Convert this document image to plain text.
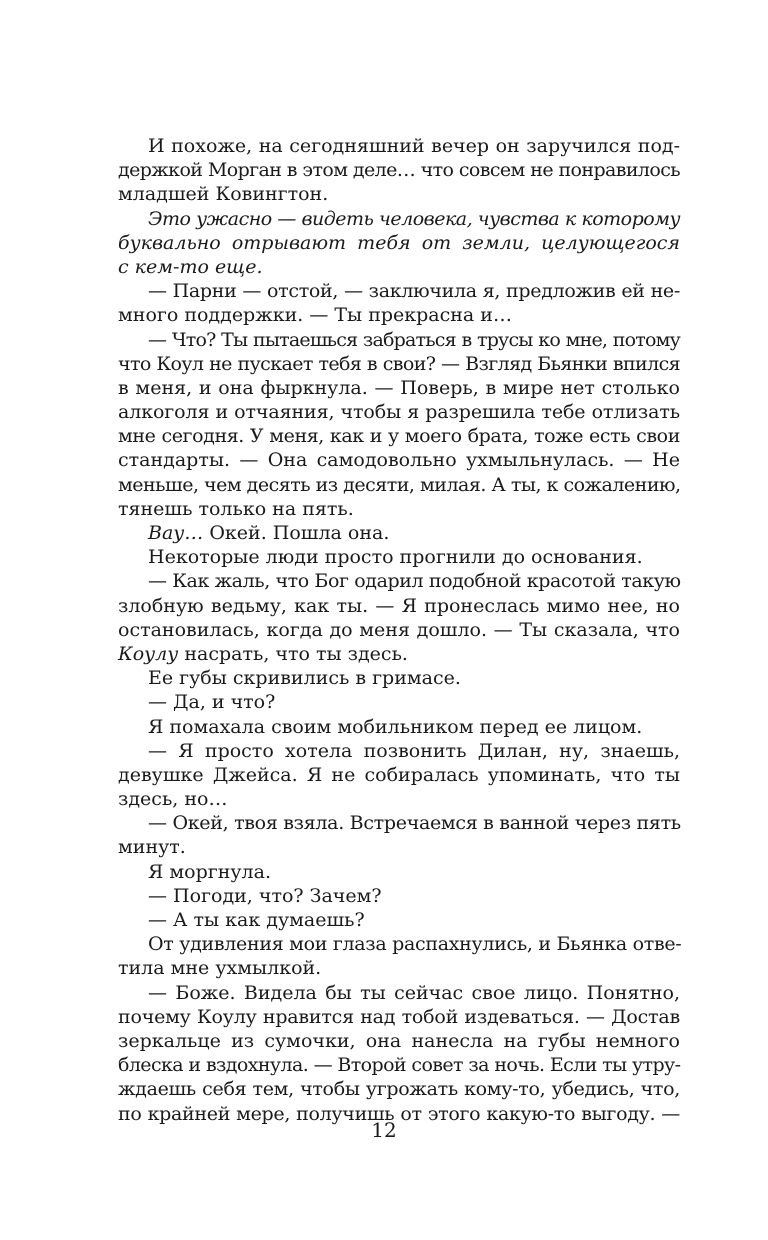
И похоже, на сегодняшний вечер он заручился под-
держкой Морган в этом деле… что совсем не понравилось
младшей Ковингтон.
Это ужасно — видеть человека, чувства к которому
буквально отрывают тебя от земли, целующегося
с кем-то еще.
— Парни — отстой, — заключила я, предложив ей не-
много поддержки. — Ты прекрасна и…
— Что? Ты пытаешься забраться в трусы ко мне, потому
что Коул не пускает тебя в свои? — Взгляд Бьянки впился
в меня, и она фыркнула. — Поверь, в мире нет столько
алкоголя и отчаяния, чтобы я разрешила тебе отлизать
мне сегодня. У меня, как и у моего брата, тоже есть свои
стандарты. — Она самодовольно ухмыльнулась. — Не
меньше, чем десять из десяти, милая. А ты, к сожалению,
тянешь только на пять.
Вау… Окей. Пошла она.
Некоторые люди просто прогнили до основания.
— Как жаль, что Бог одарил подобной красотой такую
злобную ведьму, как ты. — Я пронеслась мимо нее, но
остановилась, когда до меня дошло. — Ты сказала, что
Коулу насрать, что ты здесь.
Ее губы скривились в гримасе.
— Да, и что?
Я помахала своим мобильником перед ее лицом.
— Я просто хотела позвонить Дилан, ну, знаешь,
девушке Джейса. Я не собиралась упоминать, что ты
здесь, но…
— Окей, твоя взяла. Встречаемся в ванной через пять
минут.
Я моргнула.
— Погоди, что? Зачем?
— А ты как думаешь?
От удивления мои глаза распахнулись, и Бьянка отве-
тила мне ухмылкой.
— Боже. Видела бы ты сейчас свое лицо. Понятно,
почему Коулу нравится над тобой издеваться. — Достав
зеркальце из сумочки, она нанесла на губы немного
блеска и вздохнула. — Второй совет за ночь. Если ты утру-
ждаешь себя тем, чтобы угрожать кому-то, убедись, что,
по крайней мере, получишь от этого какую-то выгоду. —
12
